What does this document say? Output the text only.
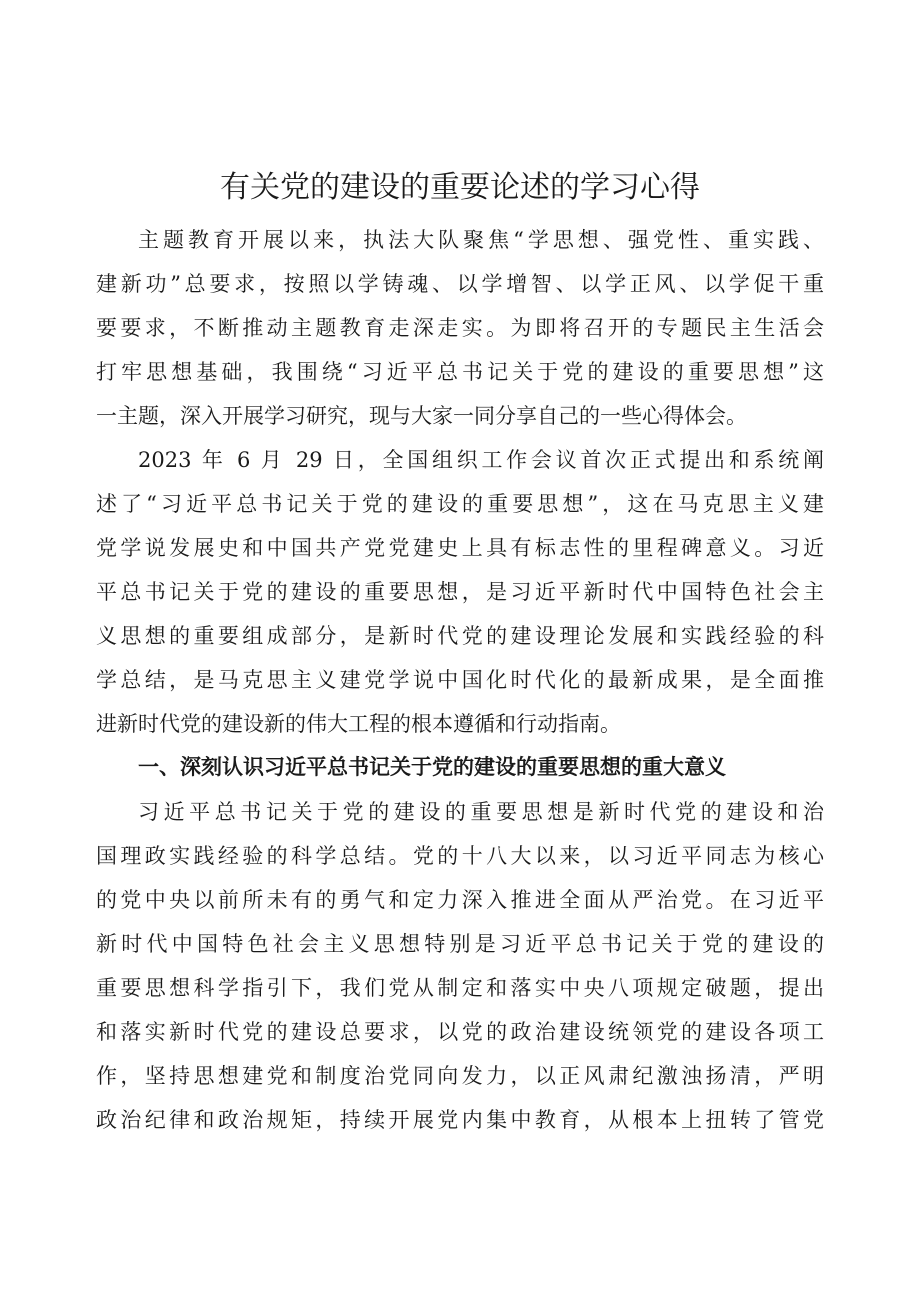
有关党的建设的重要论述的学习心得
主题教育开展以来，执法大队聚焦“学思想、强党性、重实践、
建新功”总要求，按照以学铸魂、以学增智、以学正风、以学促干重
要要求，不断推动主题教育走深走实。为即将召开的专题民主生活会
打牢思想基础，我围绕“习近平总书记关于党的建设的重要思想”这
一主题，深入开展学习研究，现与大家一同分享自己的一些心得体会。
2023 年 6 月 29 日，全国组织工作会议首次正式提出和系统阐
述了“习近平总书记关于党的建设的重要思想”，这在马克思主义建
党学说发展史和中国共产党党建史上具有标志性的里程碑意义。习近
平总书记关于党的建设的重要思想，是习近平新时代中国特色社会主
义思想的重要组成部分，是新时代党的建设理论发展和实践经验的科
学总结，是马克思主义建党学说中国化时代化的最新成果，是全面推
进新时代党的建设新的伟大工程的根本遵循和行动指南。
一、深刻认识习近平总书记关于党的建设的重要思想的重大意义
习近平总书记关于党的建设的重要思想是新时代党的建设和治
国理政实践经验的科学总结。党的十八大以来，以习近平同志为核心
的党中央以前所未有的勇气和定力深入推进全面从严治党。在习近平
新时代中国特色社会主义思想特别是习近平总书记关于党的建设的
重要思想科学指引下，我们党从制定和落实中央八项规定破题，提出
和落实新时代党的建设总要求，以党的政治建设统领党的建设各项工
作，坚持思想建党和制度治党同向发力，以正风肃纪激浊扬清，严明
政治纪律和政治规矩，持续开展党内集中教育，从根本上扭转了管党
